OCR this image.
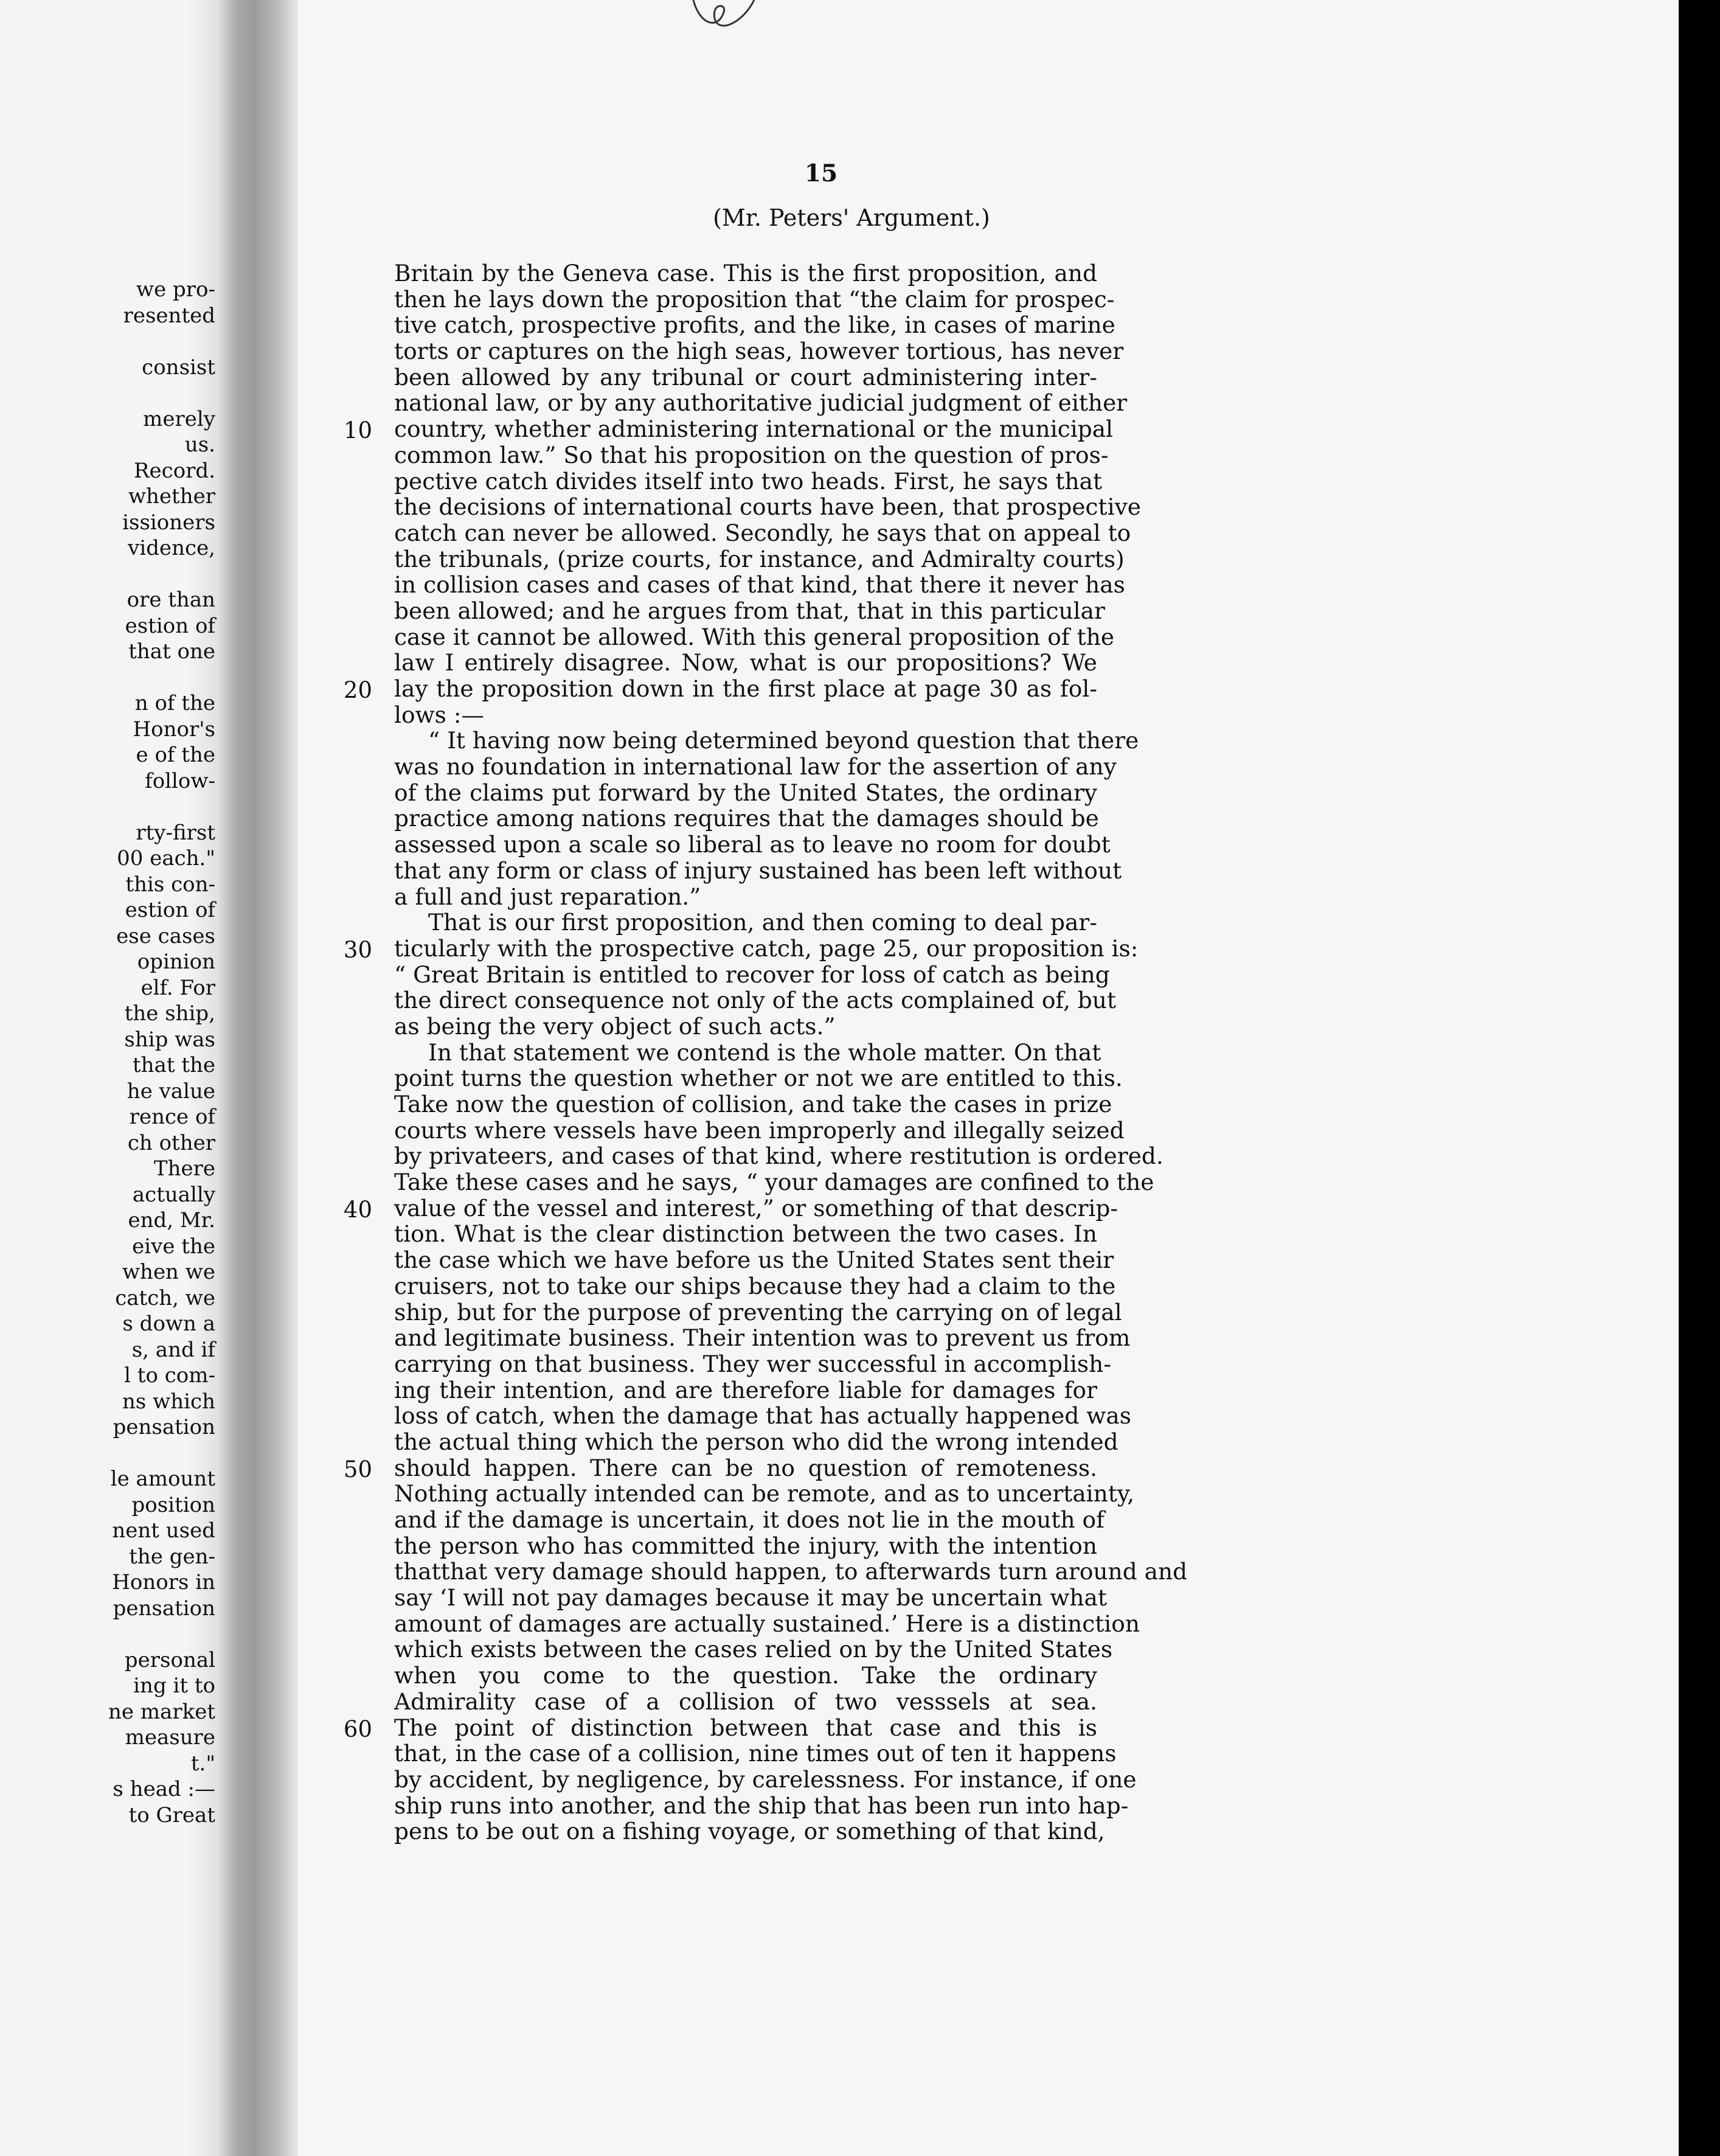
we pro-
resented
consist
merely
us.
Record.
whether
issioners
vidence,
ore than
estion of
that one
n of the
Honor's
e of the
follow-
rty-first
00 each."
this con-
estion of
ese cases
opinion
elf. For
the ship,
ship was
that the
he value
rence of
ch other
There
actually
end, Mr.
eive the
when we
catch, we
s down a
s, and if
l to com-
ns which
pensation
le amount
position
nent used
the gen-
Honors in
pensation
personal
ing it to
ne market
measure
t."
s head :—
to Great
15
(Mr. Peters' Argument.)
Britain by the Geneva case. This is the first proposition, and
then he lays down the proposition that “the claim for prospec-
tive catch, prospective profits, and the like, in cases of marine
torts or captures on the high seas, however tortious, has never
been allowed by any tribunal or court administering inter-
national law, or by any authoritative judicial judgment of either
country, whether administering international or the municipal
common law.” So that his proposition on the question of pros-
pective catch divides itself into two heads. First, he says that
the decisions of international courts have been, that prospective
catch can never be allowed. Secondly, he says that on appeal to
the tribunals, (prize courts, for instance, and Admiralty courts)
in collision cases and cases of that kind, that there it never has
been allowed; and he argues from that, that in this particular
case it cannot be allowed. With this general proposition of the
law I entirely disagree. Now, what is our propositions? We
lay the proposition down in the first place at page 30 as fol-
lows :—
“ It having now being determined beyond question that there
was no foundation in international law for the assertion of any
of the claims put forward by the United States, the ordinary
practice among nations requires that the damages should be
assessed upon a scale so liberal as to leave no room for doubt
that any form or class of injury sustained has been left without
a full and just reparation.”
That is our first proposition, and then coming to deal par-
ticularly with the prospective catch, page 25, our proposition is:
“ Great Britain is entitled to recover for loss of catch as being
the direct consequence not only of the acts complained of, but
as being the very object of such acts.”
In that statement we contend is the whole matter. On that
point turns the question whether or not we are entitled to this.
Take now the question of collision, and take the cases in prize
courts where vessels have been improperly and illegally seized
by privateers, and cases of that kind, where restitution is ordered.
Take these cases and he says, “ your damages are confined to the
value of the vessel and interest,” or something of that descrip-
tion. What is the clear distinction between the two cases. In
the case which we have before us the United States sent their
cruisers, not to take our ships because they had a claim to the
ship, but for the purpose of preventing the carrying on of legal
and legitimate business. Their intention was to prevent us from
carrying on that business. They wer successful in accomplish-
ing their intention, and are therefore liable for damages for
loss of catch, when the damage that has actually happened was
the actual thing which the person who did the wrong intended
should happen. There can be no question of remoteness.
Nothing actually intended can be remote, and as to uncertainty,
and if the damage is uncertain, it does not lie in the mouth of
the person who has committed the injury, with the intention
thatthat very damage should happen, to afterwards turn around and
say ‘I will not pay damages because it may be uncertain what
amount of damages are actually sustained.’ Here is a distinction
which exists between the cases relied on by the United States
when you come to the question. Take the ordinary
Admirality case of a collision of two vesssels at sea.
The point of distinction between that case and this is
that, in the case of a collision, nine times out of ten it happens
by accident, by negligence, by carelessness. For instance, if one
ship runs into another, and the ship that has been run into hap-
pens to be out on a fishing voyage, or something of that kind,
10
20
30
40
50
60
